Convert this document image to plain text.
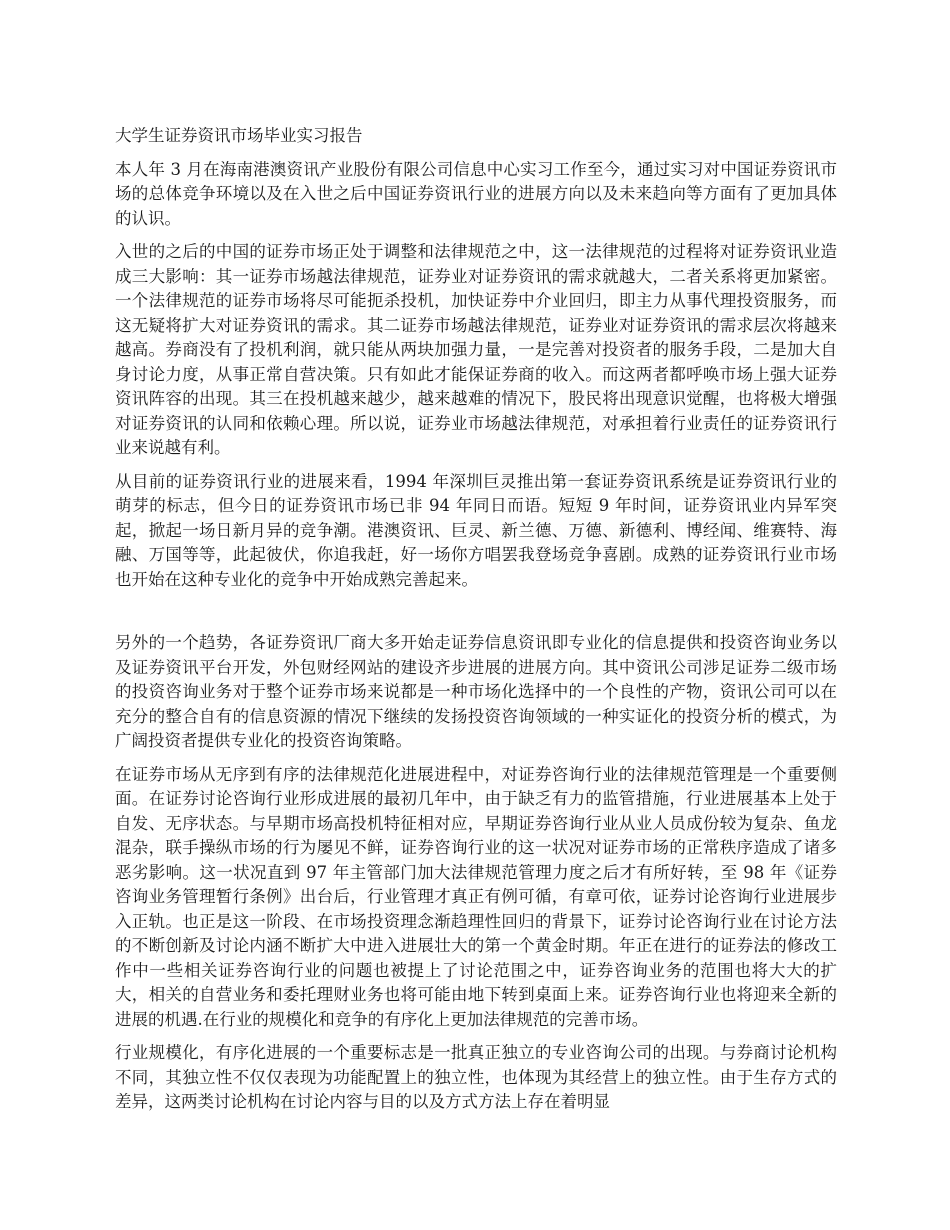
大学生证券资讯市场毕业实习报告

本人年 3 月在海南港澳资讯产业股份有限公司信息中心实习工作至今，通过实习对中国证券资讯市场的总体竞争环境以及在入世之后中国证券资讯行业的进展方向以及未来趋向等方面有了更加具体的认识。

入世的之后的中国的证券市场正处于调整和法律规范之中，这一法律规范的过程将对证券资讯业造成三大影响：其一证券市场越法律规范，证券业对证券资讯的需求就越大，二者关系将更加紧密。一个法律规范的证券市场将尽可能扼杀投机，加快证券中介业回归，即主力从事代理投资服务，而这无疑将扩大对证券资讯的需求。其二证券市场越法律规范，证券业对证券资讯的需求层次将越来越高。券商没有了投机利润，就只能从两块加强力量，一是完善对投资者的服务手段，二是加大自身讨论力度，从事正常自营决策。只有如此才能保证券商的收入。而这两者都呼唤市场上强大证券资讯阵容的出现。其三在投机越来越少，越来越难的情况下，股民将出现意识觉醒，也将极大增强对证券资讯的认同和依赖心理。所以说，证券业市场越法律规范，对承担着行业责任的证券资讯行业来说越有利。

从目前的证券资讯行业的进展来看，1994 年深圳巨灵推出第一套证券资讯系统是证券资讯行业的萌芽的标志，但今日的证券资讯市场已非 94 年同日而语。短短 9 年时间，证券资讯业内异军突起，掀起一场日新月异的竞争潮。港澳资讯、巨灵、新兰德、万德、新德利、博经闻、维赛特、海融、万国等等，此起彼伏，你追我赶，好一场你方唱罢我登场竞争喜剧。成熟的证券资讯行业市场也开始在这种专业化的竞争中开始成熟完善起来。

另外的一个趋势，各证券资讯厂商大多开始走证券信息资讯即专业化的信息提供和投资咨询业务以及证券资讯平台开发，外包财经网站的建设齐步进展的进展方向。其中资讯公司涉足证券二级市场的投资咨询业务对于整个证券市场来说都是一种市场化选择中的一个良性的产物，资讯公司可以在充分的整合自有的信息资源的情况下继续的发扬投资咨询领域的一种实证化的投资分析的模式，为广阔投资者提供专业化的投资咨询策略。

在证券市场从无序到有序的法律规范化进展进程中，对证券咨询行业的法律规范管理是一个重要侧面。在证券讨论咨询行业形成进展的最初几年中，由于缺乏有力的监管措施，行业进展基本上处于自发、无序状态。与早期市场高投机特征相对应，早期证券咨询行业从业人员成份较为复杂、鱼龙混杂，联手操纵市场的行为屡见不鲜，证券咨询行业的这一状况对证券市场的正常秩序造成了诸多恶劣影响。这一状况直到 97 年主管部门加大法律规范管理力度之后才有所好转，至 98 年《证券咨询业务管理暂行条例》出台后，行业管理才真正有例可循，有章可依，证券讨论咨询行业进展步入正轨。也正是这一阶段、在市场投资理念渐趋理性回归的背景下，证券讨论咨询行业在讨论方法的不断创新及讨论内涵不断扩大中进入进展壮大的第一个黄金时期。年正在进行的证券法的修改工作中一些相关证券咨询行业的问题也被提上了讨论范围之中，证券咨询业务的范围也将大大的扩大，相关的自营业务和委托理财业务也将可能由地下转到桌面上来。证券咨询行业也将迎来全新的进展的机遇.在行业的规模化和竞争的有序化上更加法律规范的完善市场。

行业规模化，有序化进展的一个重要标志是一批真正独立的专业咨询公司的出现。与券商讨论机构不同，其独立性不仅仅表现为功能配置上的独立性，也体现为其经营上的独立性。由于生存方式的差异，这两类讨论机构在讨论内容与目的以及方式方法上存在着明显
